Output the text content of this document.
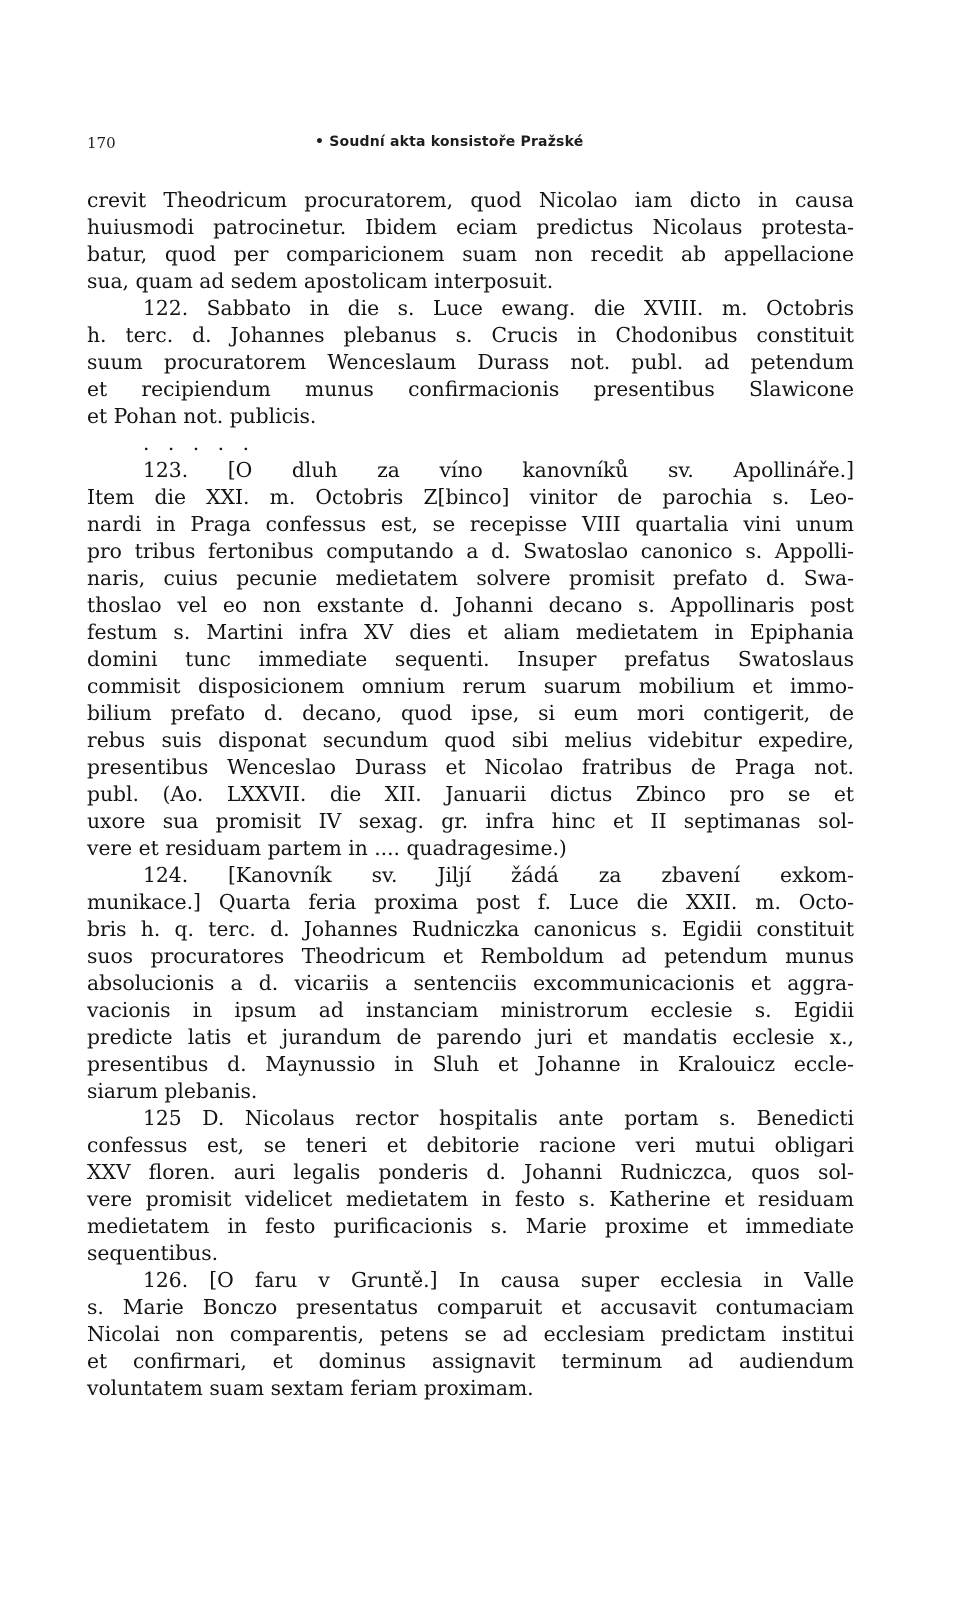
170	• Soudní akta konsistoře Pražské
crevit Theodricum procuratorem, quod Nicolao iam dicto in causa
huiusmodi patrocinetur. Ibidem eciam predictus Nicolaus protesta-
batur, quod per comparicionem suam non recedit ab appellacione
sua, quam ad sedem apostolicam interposuit.
122. Sabbato in die s. Luce ewang. die XVIII. m. Octobris
h. terc. d. Johannes plebanus s. Crucis in Chodonibus constituit
suum procuratorem Wenceslaum Durass not. publ. ad petendum
et recipiendum munus confirmacionis presentibus Slawicone
et Pohan not. publicis.
. . . . .
123. [O dluh za víno kanovníků sv. Apollináře.]
Item die XXI. m. Octobris Z[binco] vinitor de parochia s. Leo-
nardi in Praga confessus est, se recepisse VIII quartalia vini unum
pro tribus fertonibus computando a d. Swatoslao canonico s. Appolli-
naris, cuius pecunie medietatem solvere promisit prefato d. Swa-
thoslao vel eo non exstante d. Johanni decano s. Appollinaris post
festum s. Martini infra XV dies et aliam medietatem in Epiphania
domini tunc immediate sequenti. Insuper prefatus Swatoslaus
commisit disposicionem omnium rerum suarum mobilium et immo-
bilium prefato d. decano, quod ipse, si eum mori contigerit, de
rebus suis disponat secundum quod sibi melius videbitur expedire,
presentibus Wenceslao Durass et Nicolao fratribus de Praga not.
publ. (Ao. LXXVII. die XII. Januarii dictus Zbinco pro se et
uxore sua promisit IV sexag. gr. infra hinc et II septimanas sol-
vere et residuam partem in .... quadragesime.)
124. [Kanovník sv. Jiljí žádá za zbavení exkom-
munikace.] Quarta feria proxima post f. Luce die XXII. m. Octo-
bris h. q. terc. d. Johannes Rudniczka canonicus s. Egidii constituit
suos procuratores Theodricum et Remboldum ad petendum munus
absolucionis a d. vicariis a sentenciis excommunicacionis et aggra-
vacionis in ipsum ad instanciam ministrorum ecclesie s. Egidii
predicte latis et jurandum de parendo juri et mandatis ecclesie x.,
presentibus d. Maynussio in Sluh et Johanne in Kralouicz eccle-
siarum plebanis.
125 D. Nicolaus rector hospitalis ante portam s. Benedicti
confessus est, se teneri et debitorie racione veri mutui obligari
XXV floren. auri legalis ponderis d. Johanni Rudniczca, quos sol-
vere promisit videlicet medietatem in festo s. Katherine et residuam
medietatem in festo purificacionis s. Marie proxime et immediate
sequentibus.
126. [O faru v Gruntě.] In causa super ecclesia in Valle
s. Marie Bonczo presentatus comparuit et accusavit contumaciam
Nicolai non comparentis, petens se ad ecclesiam predictam institui
et confirmari, et dominus assignavit terminum ad audiendum
voluntatem suam sextam feriam proximam.
